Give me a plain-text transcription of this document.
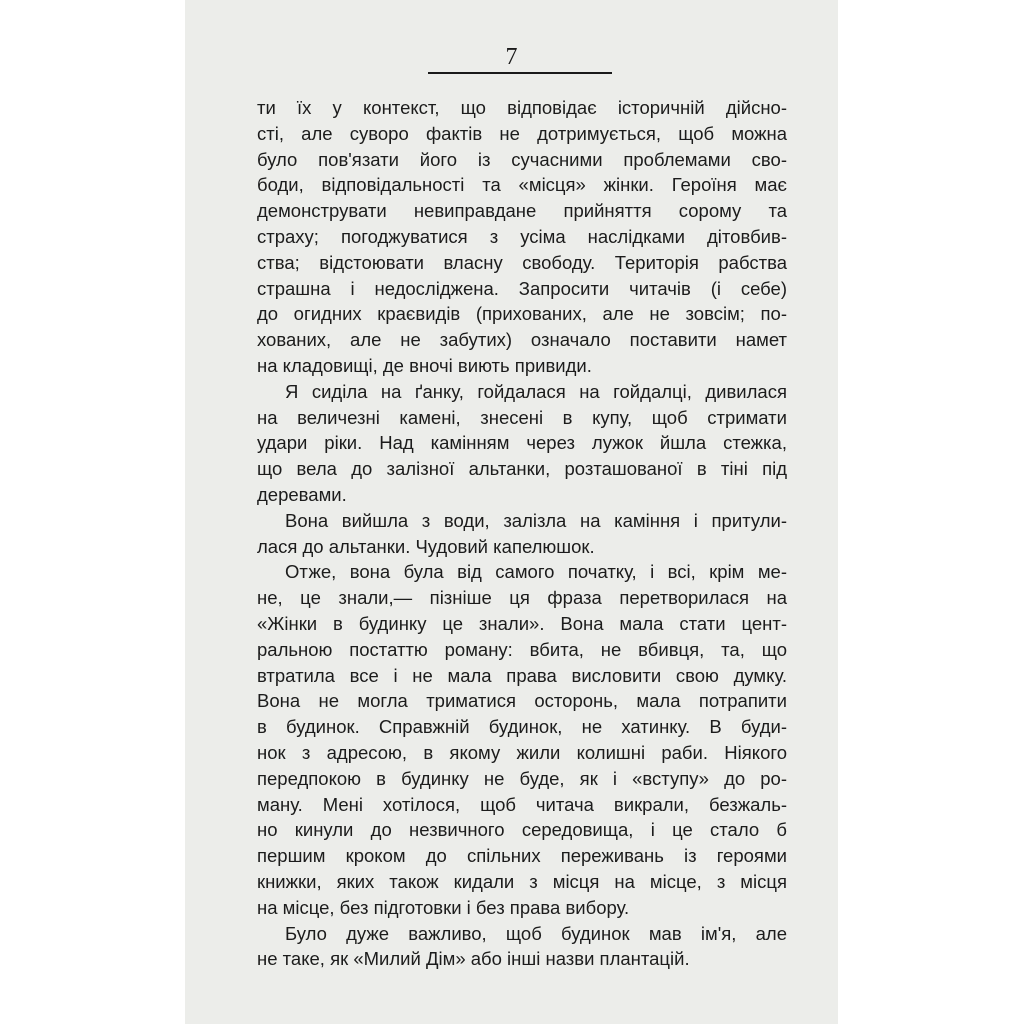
7
ти їх у контекст, що відповідає історичній дійсно-
сті, але суворо фактів не дотримується, щоб можна
було пов'язати його із сучасними проблемами сво-
боди, відповідальності та «місця» жінки. Героїня має
демонструвати невиправдане прийняття сорому та
страху; погоджуватися з усіма наслідками дітовбив-
ства; відстоювати власну свободу. Територія рабства
страшна і недосліджена. Запросити читачів (і себе)
до огидних краєвидів (прихованих, але не зовсім; по-
хованих, але не забутих) означало поставити намет
на кладовищі, де вночі виють привиди.
Я сиділа на ґанку, гойдалася на гойдалці, дивилася
на величезні камені, знесені в купу, щоб стримати
удари ріки. Над камінням через лужок йшла стежка,
що вела до залізної альтанки, розташованої в тіні під
деревами.
Вона вийшла з води, залізла на каміння і притули-
лася до альтанки. Чудовий капелюшок.
Отже, вона була від самого початку, і всі, крім ме-
не, це знали,— пізніше ця фраза перетворилася на
«Жінки в будинку це знали». Вона мала стати цент-
ральною постаттю роману: вбита, не вбивця, та, що
втратила все і не мала права висловити свою думку.
Вона не могла триматися осторонь, мала потрапити
в будинок. Справжній будинок, не хатинку. В буди-
нок з адресою, в якому жили колишні раби. Ніякого
передпокою в будинку не буде, як і «вступу» до ро-
ману. Мені хотілося, щоб читача викрали, безжаль-
но кинули до незвичного середовища, і це стало б
першим кроком до спільних переживань із героями
книжки, яких також кидали з місця на місце, з місця
на місце, без підготовки і без права вибору.
Було дуже важливо, щоб будинок мав ім'я, але
не таке, як «Милий Дім» або інші назви плантацій.
